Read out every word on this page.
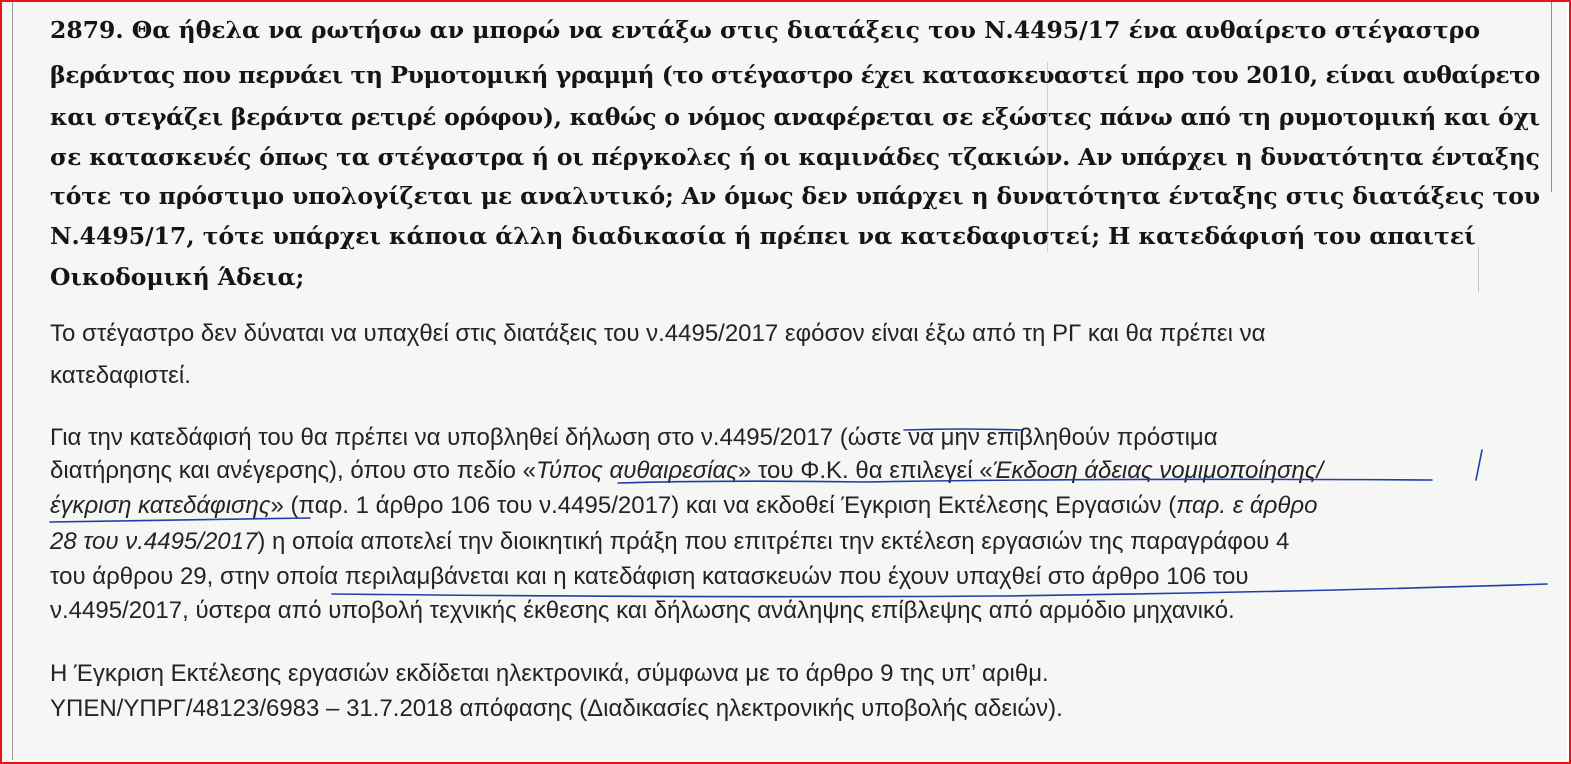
2879. Θα ήθελα να ρωτήσω αν μπορώ να εντάξω στις διατάξεις του Ν.4495/17 ένα αυθαίρετο στέγαστρο
βεράντας που περνάει τη Ρυμοτομική γραμμή (το στέγαστρο έχει κατασκευαστεί προ του 2010, είναι αυθαίρετο
και στεγάζει βεράντα ρετιρέ ορόφου), καθώς ο νόμος αναφέρεται σε εξώστες πάνω από τη ρυμοτομική και όχι
σε κατασκευές όπως τα στέγαστρα ή οι πέργκολες ή οι καμινάδες τζακιών. Αν υπάρχει η δυνατότητα ένταξης
τότε το πρόστιμο υπολογίζεται με αναλυτικό; Αν όμως δεν υπάρχει η δυνατότητα ένταξης στις διατάξεις του
Ν.4495/17, τότε υπάρχει κάποια άλλη διαδικασία ή πρέπει να κατεδαφιστεί; Η κατεδάφισή του απαιτεί
Οικοδομική Άδεια;
Το στέγαστρο δεν δύναται να υπαχθεί στις διατάξεις του ν.4495/2017 εφόσον είναι έξω από τη ΡΓ και θα πρέπει να
κατεδαφιστεί.
Για την κατεδάφισή του θα πρέπει να υποβληθεί δήλωση στο ν.4495/2017 (ώστε να μην επιβληθούν πρόστιμα
διατήρησης και ανέγερσης), όπου στο πεδίο «Τύπος αυθαιρεσίας» του Φ.Κ. θα επιλεγεί «Έκδοση άδειας νομιμοποίησης/
έγκριση κατεδάφισης» (παρ. 1 άρθρο 106 του ν.4495/2017) και να εκδοθεί Έγκριση Εκτέλεσης Εργασιών (παρ. ε άρθρο
28 του ν.4495/2017) η οποία αποτελεί την διοικητική πράξη που επιτρέπει την εκτέλεση εργασιών της παραγράφου 4
του άρθρου 29, στην οποία περιλαμβάνεται και η κατεδάφιση κατασκευών που έχουν υπαχθεί στο άρθρο 106 του
ν.4495/2017, ύστερα από υποβολή τεχνικής έκθεσης και δήλωσης ανάληψης επίβλεψης από αρμόδιο μηχανικό.
Η Έγκριση Εκτέλεσης εργασιών εκδίδεται ηλεκτρονικά, σύμφωνα με το άρθρο 9 της υπ’ αριθμ.
ΥΠΕΝ/ΥΠΡΓ/48123/6983 – 31.7.2018 απόφασης (Διαδικασίες ηλεκτρονικής υποβολής αδειών).
